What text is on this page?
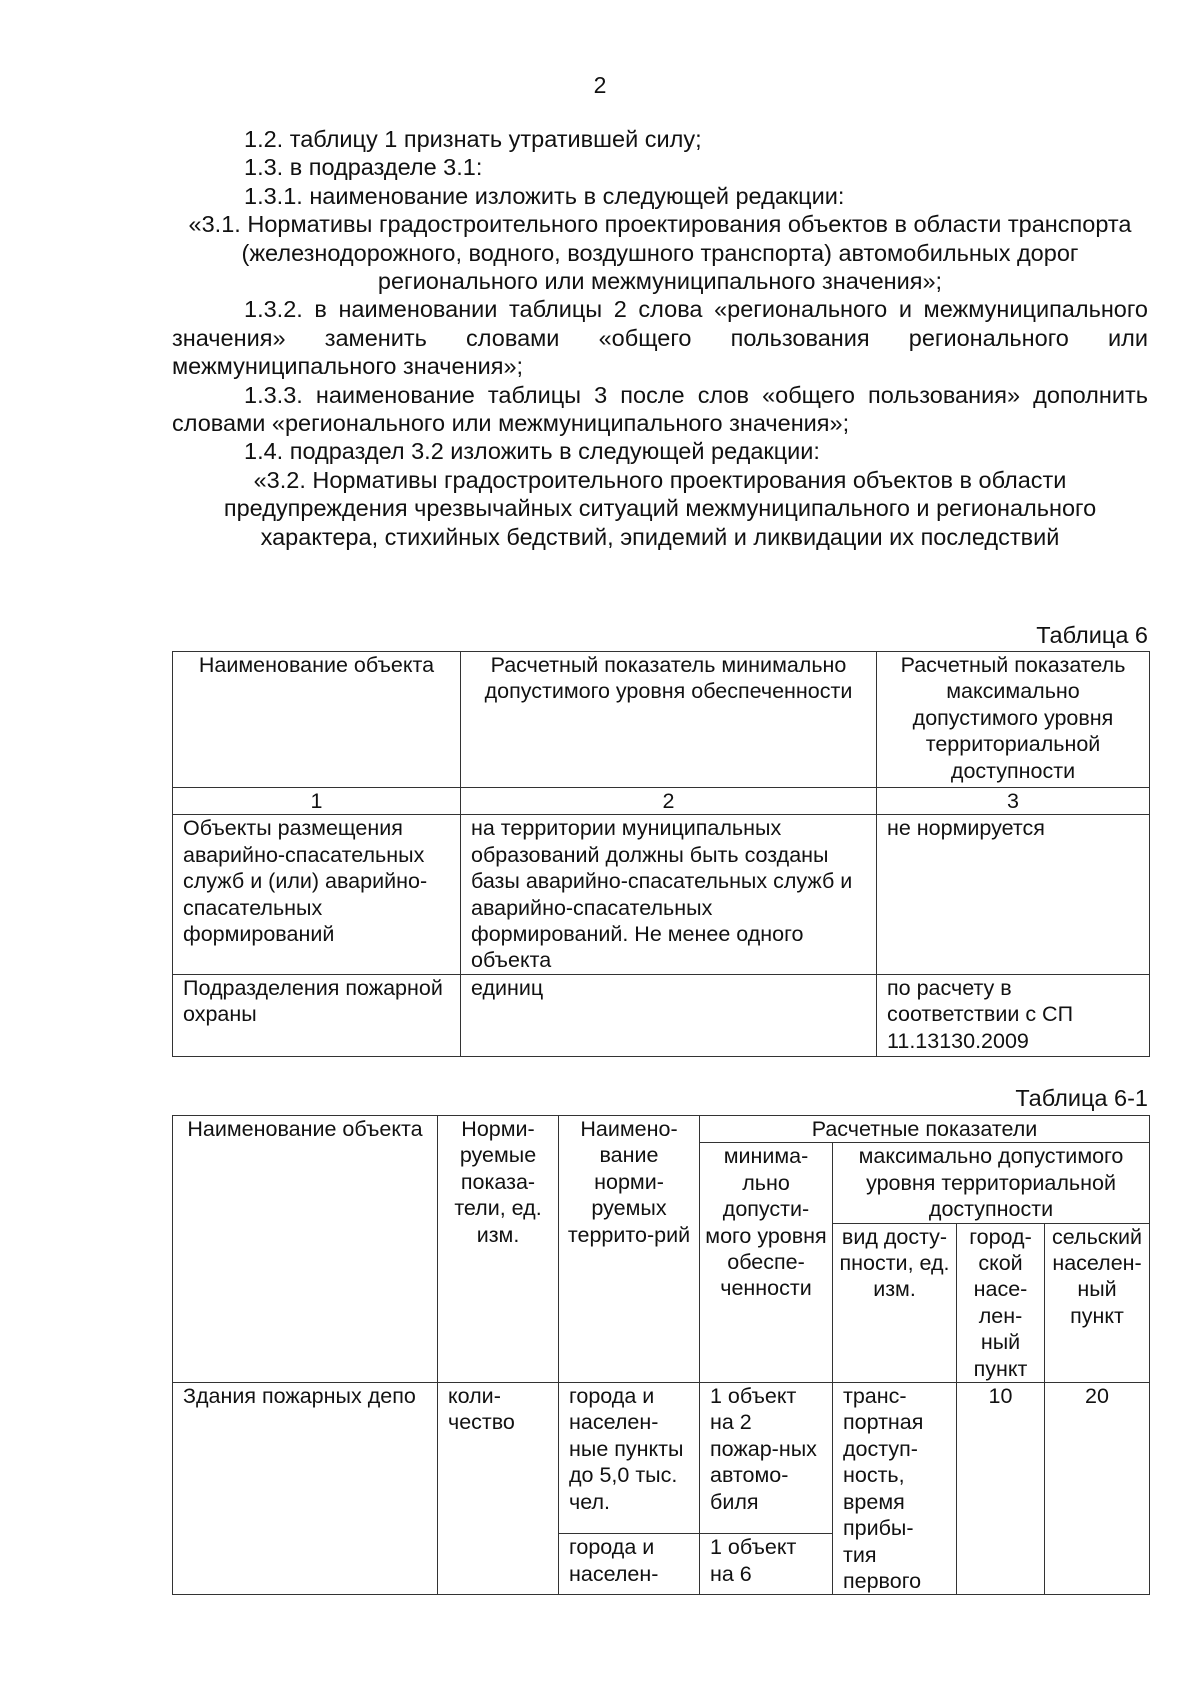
2

1.2. таблицу 1 признать утратившей силу;

1.3. в подразделе 3.1:

1.3.1. наименование изложить в следующей редакции:

«3.1. Нормативы градостроительного проектирования объектов в области транспорта (железнодорожного, водного, воздушного транспорта) автомобильных дорог регионального или межмуниципального значения»;

1.3.2. в наименовании таблицы 2 слова «регионального и межмуниципального значения» заменить словами «общего пользования регионального или межмуниципального значения»;

1.3.3. наименование таблицы 3 после слов «общего пользования» дополнить словами «регионального или межмуниципального значения»;

1.4. подраздел 3.2 изложить в следующей редакции:

«3.2. Нормативы градостроительного проектирования объектов в области предупреждения чрезвычайных ситуаций межмуниципального и регионального характера, стихийных бедствий, эпидемий и ликвидации их последствий

Таблица 6
Наименование объекта	Расчетный показатель минимально допустимого уровня обеспеченности	Расчетный показатель максимально допустимого уровня территориальной доступности
1	2	3
Объекты размещения аварийно-спасательных служб и (или) аварийно-спасательных формирований	на территории муниципальных образований должны быть созданы базы аварийно-спасательных служб и аварийно-спасательных формирований. Не менее одного объекта	не нормируется
Подразделения пожарной охраны	единиц	по расчету в соответствии с СП 11.13130.2009
Таблица 6-1
Наименование объекта	Норми-руемые показа-тели, ед. изм.	Наимено-вание норми-руемых террито-рий	Расчетные показатели			
			минима-льно допусти-мого уровня обеспе-ченности	максимально допустимого уровня территориальной доступности		
				вид досту-пности, ед. изм.	город-ской насе-лен-ный пункт	сельский населен-ный пункт
Здания пожарных депо	коли-чество	города и населен-ные пункты до 5,0 тыс. чел.	1 объект на 2 пожар-ных автомо-биля	транс-портная доступ-ность, время прибы-тия первого	10	20
		города и населен-	1 объект на 6			
